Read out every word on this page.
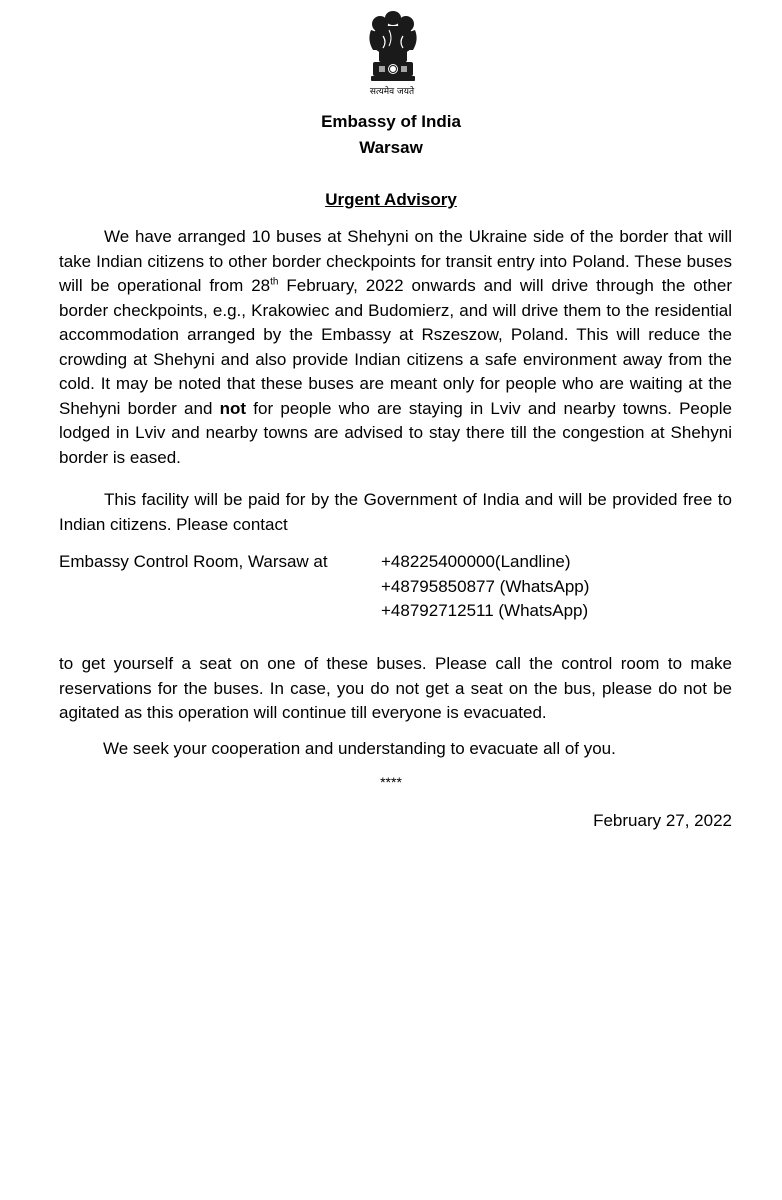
सत्यमेव जयते
Embassy of India
Warsaw
Urgent Advisory

We have arranged 10 buses at Shehyni on the Ukraine side of the border that will take Indian citizens to other border checkpoints for transit entry into Poland. These buses will be operational from 28th February, 2022 onwards and will drive through the other border checkpoints, e.g., Krakowiec and Budomierz, and will drive them to the residential accommodation arranged by the Embassy at Rszeszow, Poland. This will reduce the crowding at Shehyni and also provide Indian citizens a safe environment away from the cold. It may be noted that these buses are meant only for people who are waiting at the Shehyni border and not for people who are staying in Lviv and nearby towns. People lodged in Lviv and nearby towns are advised to stay there till the congestion at Shehyni border is eased.

This facility will be paid for by the Government of India and will be provided free to Indian citizens. Please contact

Embassy Control Room, Warsaw at	+48225400000(Landline)
+48795850877 (WhatsApp)
+48792712511 (WhatsApp)

to get yourself a seat on one of these buses. Please call the control room to make reservations for the buses. In case, you do not get a seat on the bus, please do not be agitated as this operation will continue till everyone is evacuated.

We seek your cooperation and understanding to evacuate all of you.

****
February 27, 2022
